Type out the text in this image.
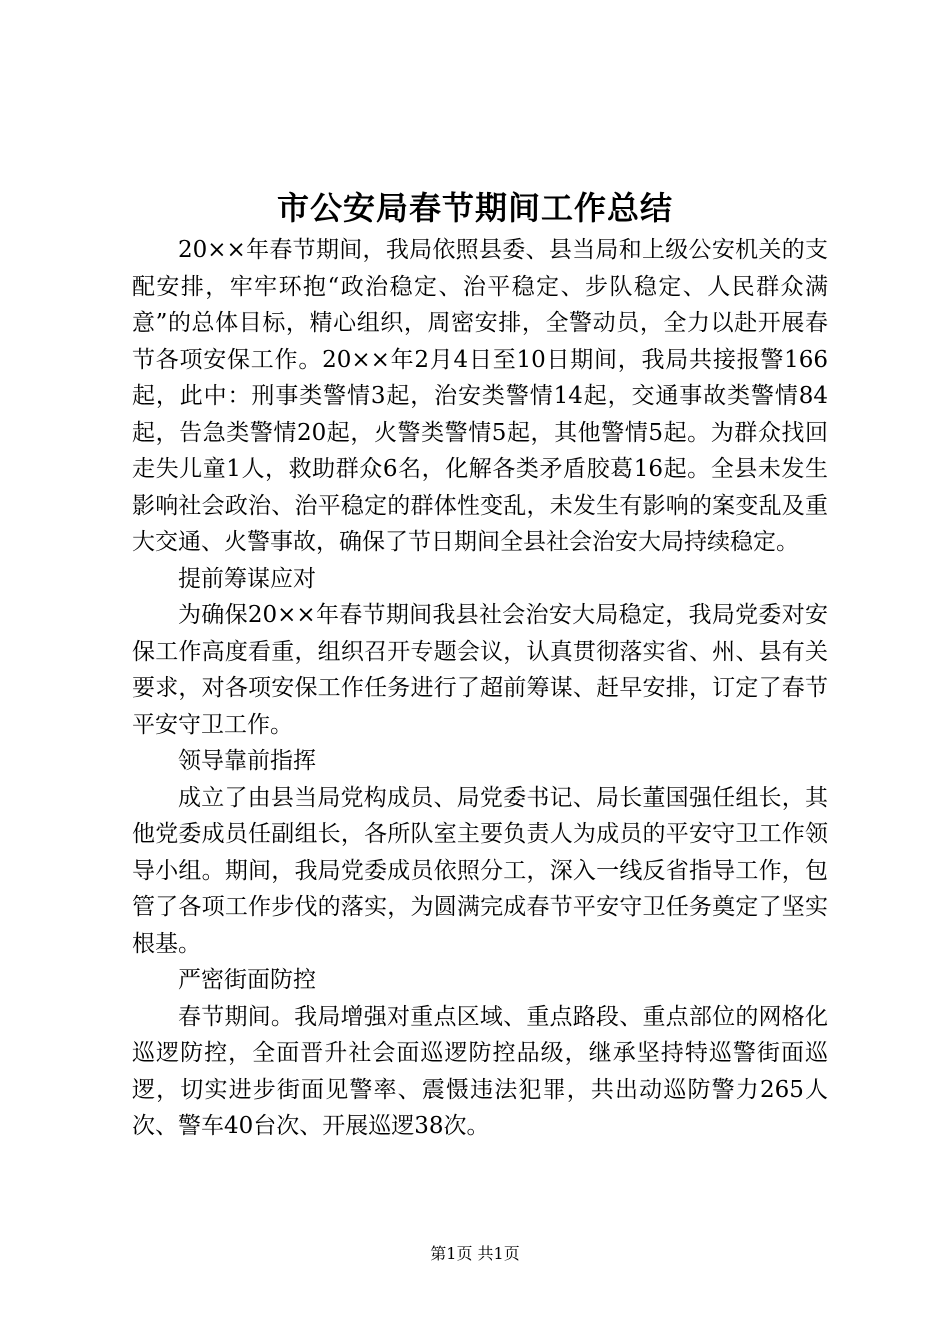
市公安局春节期间工作总结

20××年春节期间，我局依照县委、县当局和上级公安机关的支配安排，牢牢环抱“政治稳定、治平稳定、步队稳定、人民群众满意”的总体目标，精心组织，周密安排，全警动员，全力以赴开展春节各项安保工作。20××年2月4日至10日期间，我局共接报警166起，此中：刑事类警情3起，治安类警情14起，交通事故类警情84起，告急类警情20起，火警类警情5起，其他警情5起。为群众找回走失儿童1人，救助群众6名，化解各类矛盾胶葛16起。全县未发生影响社会政治、治平稳定的群体性变乱，未发生有影响的案变乱及重大交通、火警事故，确保了节日期间全县社会治安大局持续稳定。

提前筹谋应对

为确保20××年春节期间我县社会治安大局稳定，我局党委对安保工作高度看重，组织召开专题会议，认真贯彻落实省、州、县有关要求，对各项安保工作任务进行了超前筹谋、赶早安排，订定了春节平安守卫工作。

领导靠前指挥

成立了由县当局党构成员、局党委书记、局长董国强任组长，其他党委成员任副组长，各所队室主要负责人为成员的平安守卫工作领导小组。期间，我局党委成员依照分工，深入一线反省指导工作，包管了各项工作步伐的落实，为圆满完成春节平安守卫任务奠定了坚实根基。

严密街面防控

春节期间。我局增强对重点区域、重点路段、重点部位的网格化巡逻防控，全面晋升社会面巡逻防控品级，继承坚持特巡警街面巡逻，切实进步街面见警率、震慑违法犯罪，共出动巡防警力265人次、警车40台次、开展巡逻38次。

第1页 共1页
